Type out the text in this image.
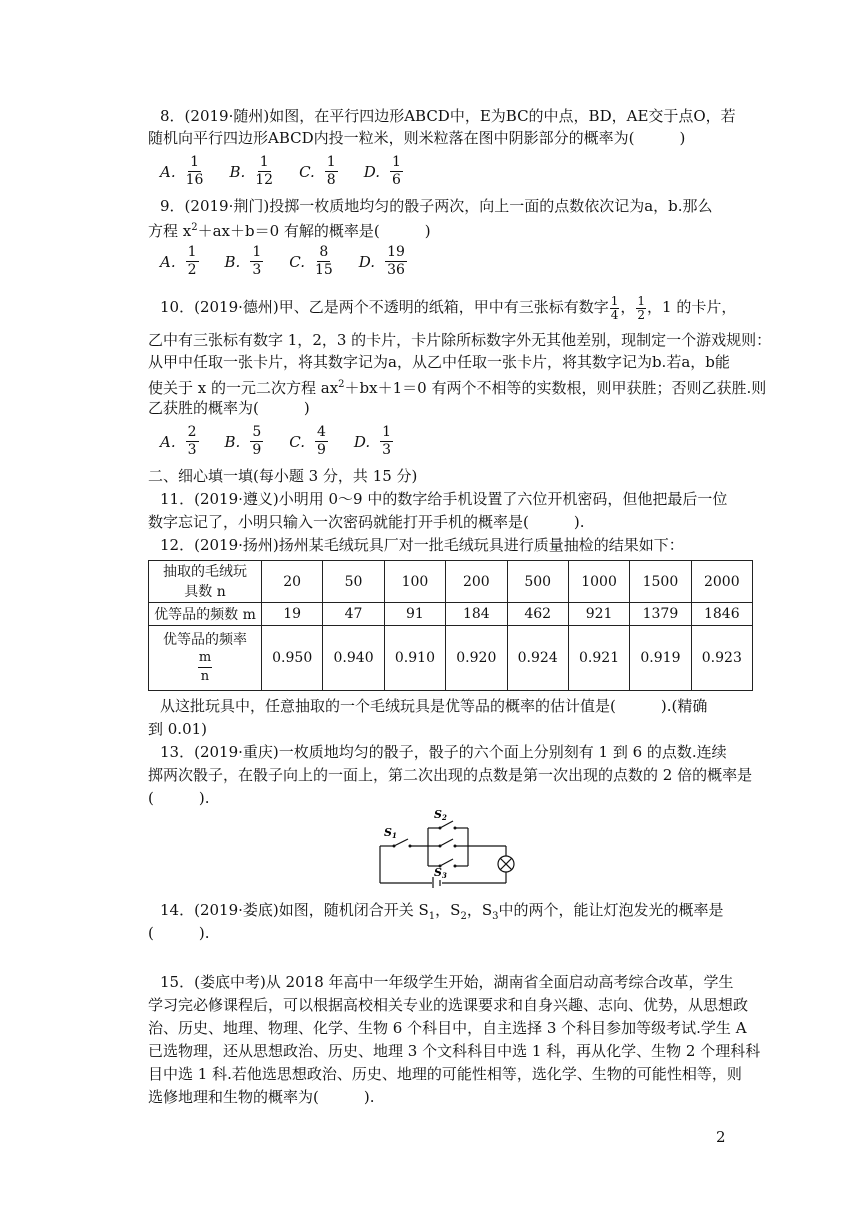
8．(2019·随州)如图，在平行四边形ABCD中，E为BC的中点，BD，AE交于点O，若
随机向平行四边形ABCD内投一粒米，则米粒落在图中阴影部分的概率为(　　　)
A. $\frac{1}{16} B$. $\frac{1}{12} C$. $\frac{1}{8} D$. $\frac{1}{6}$
9．(2019·荆门)投掷一枚质地均匀的骰子两次，向上一面的点数依次记为a，b.那么
方程 $x^2+ax+b=0$ 有解的概率是(　　　)
A. $\frac{1}{2} B$. $\frac{1}{3} C$. $\frac{8}{15} D$. $\frac{19}{36}$
10．(2019·德州)甲、乙是两个不透明的纸箱，甲中有三张标有数字 $\frac{1}{4}$ ， $\frac{1}{2}$ ，1 的卡片，
乙中有三张标有数字 1，2，3 的卡片，卡片除所标数字外无其他差别，现制定一个游戏规则：
从甲中任取一张卡片，将其数字记为a，从乙中任取一张卡片，将其数字记为b.若a，b能
使关于 x 的一元二次方程 $ax^2+bx+1=0$ 有两个不相等的实数根，则甲获胜；否则乙获胜.则
乙获胜的概率为(　　　)
A. $\frac{2}{3} B$. $\frac{5}{9} C$. $\frac{4}{9} D$. $\frac{1}{3}$
二、细心填一填(每小题 3 分，共 15 分)
11．(2019·遵义)小明用 0～9 中的数字给手机设置了六位开机密码，但他把最后一位
数字忘记了，小明只输入一次密码就能打开手机的概率是(　　　).
12．(2019·扬州)扬州某毛绒玩具厂对一批毛绒玩具进行质量抽检的结果如下：
抽取的毛绒玩
具数 n	20	50	100	200	500	1000	1500	2000
优等品的频数 m	19	47	91	184	462	921	1379	1846
优等品的频率

$\frac{m}{n}$	0.950	0.940	0.910	0.920	0.924	0.921	0.919	0.923
从这批玩具中，任意抽取的一个毛绒玩具是优等品的概率的估计值是(　　　).(精确
到 0.01)
13．(2019·重庆)一枚质地均匀的骰子，骰子的六个面上分别刻有 1 到 6 的点数.连续
掷两次骰子，在骰子向上的一面上，第二次出现的点数是第一次出现的点数的 2 倍的概率是
(　　　).
S1
S2
S3
14．(2019·娄底)如图，随机闭合开关 $S_1$，$S_2$，$S_3$中的两个，能让灯泡发光的概率是
(　　　).
15．(娄底中考)从 2018 年高中一年级学生开始，湖南省全面启动高考综合改革，学生
学习完必修课程后，可以根据高校相关专业的选课要求和自身兴趣、志向、优势，从思想政
治、历史、地理、物理、化学、生物 6 个科目中，自主选择 3 个科目参加等级考试.学生 A
已选物理，还从思想政治、历史、地理 3 个文科科目中选 1 科，再从化学、生物 2 个理科科
目中选 1 科.若他选思想政治、历史、地理的可能性相等，选化学、生物的可能性相等，则
选修地理和生物的概率为(　　　).
2
